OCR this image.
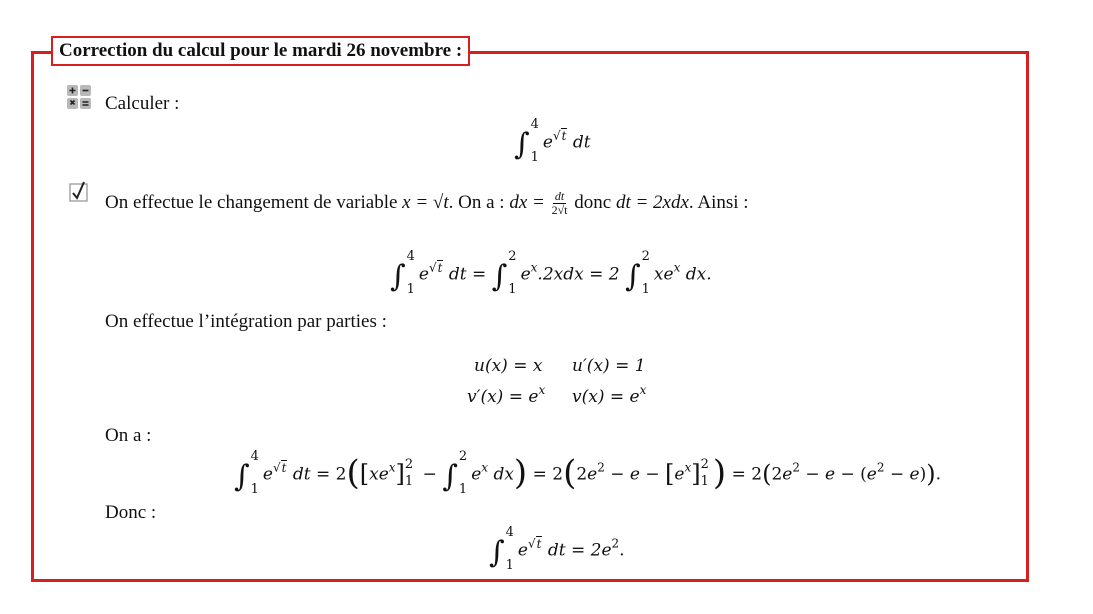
Correction du calcul pour le mardi 26 novembre :
Calculer :
∫
4
1
$e^{√t}$ dt
On effectue le changement de variable x = √t. On a : dx = $\frac{dt}{2√t}$ donc dt = 2xdx. Ainsi :
∫
4
1
$e^{√t}$ dt = ∫
2
1
$e^x.2xdx = 2$ ∫
2
1
$xe^x$ dx.
On effectue l’intégration par parties :
u(x) = x u′(x) = 1
$v'(x) = e^x$ $v(x) = e^x$
On a :
∫
4
1
$e^{√t}$ dt = $2([xe^x]$ 2
1 − ∫
2
1
$e^x$ $dx) = 2(2e^2 - e - [e^x]$ 2
1 ) = $2(2e^2 - e - (e^2 - e))$.
Donc :
∫
4
1
$e^{√t}$ dt = $2e^2$.
